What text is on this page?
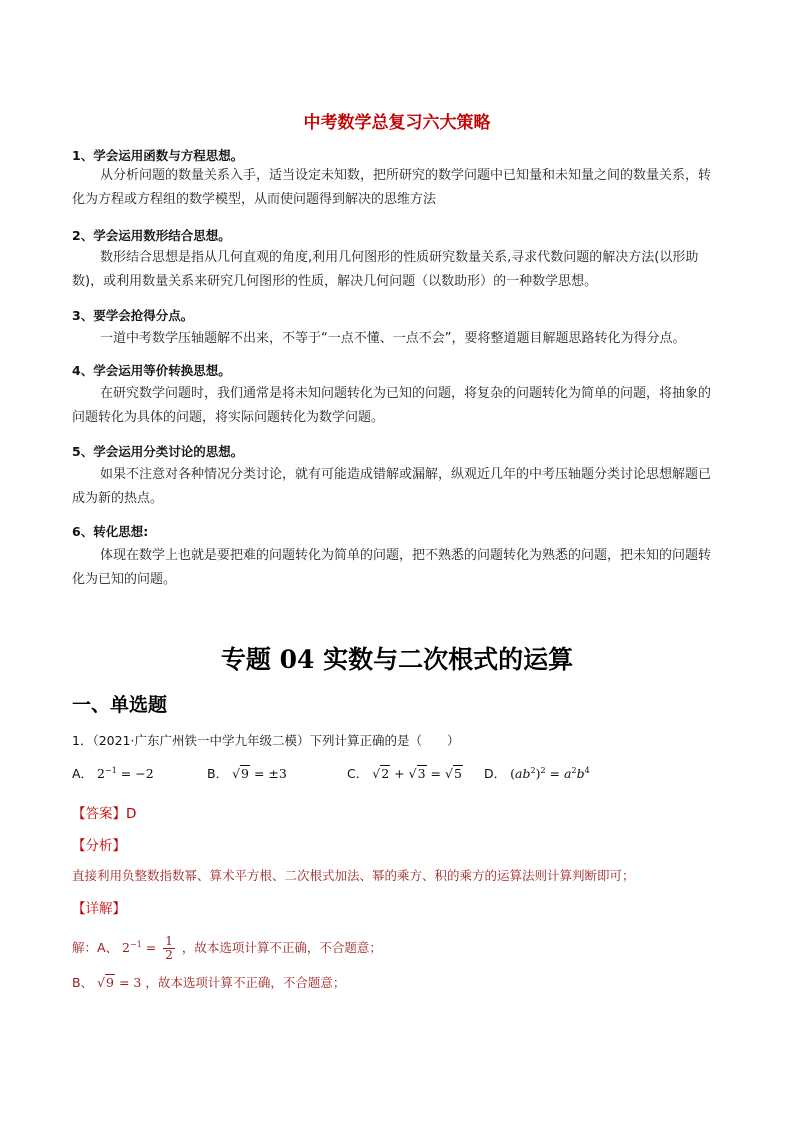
中考数学总复习六大策略
1、学会运用函数与方程思想。
从分析问题的数量关系入手，适当设定未知数，把所研究的数学问题中已知量和未知量之间的数量关系，转化为方程或方程组的数学模型，从而使问题得到解决的思维方法
2、学会运用数形结合思想。
数形结合思想是指从几何直观的角度,利用几何图形的性质研究数量关系,寻求代数问题的解决方法(以形助数)，或利用数量关系来研究几何图形的性质，解决几何问题（以数助形）的一种数学思想。
3、要学会抢得分点。
一道中考数学压轴题解不出来，不等于“一点不懂、一点不会”，要将整道题目解题思路转化为得分点。
4、学会运用等价转换思想。
在研究数学问题时，我们通常是将未知问题转化为已知的问题，将复杂的问题转化为简单的问题，将抽象的问题转化为具体的问题，将实际问题转化为数学问题。
5、学会运用分类讨论的思想。
如果不注意对各种情况分类讨论，就有可能造成错解或漏解，纵观近几年的中考压轴题分类讨论思想解题已成为新的热点。
6、转化思想:
体现在数学上也就是要把难的问题转化为简单的问题，把不熟悉的问题转化为熟悉的问题，把未知的问题转化为已知的问题。
专题 04 实数与二次根式的运算
一、单选题
1．（2021·广东广州铁一中学九年级二模）下列计算正确的是（　　）
A． $2^{-1} = -2$	B． √9 = ±3	C． √2 + √3 = √5 D． $(ab^2)^2 = a^2b^4$
【答案】D
【分析】
直接利用负整数指数幂、算术平方根、二次根式加法、幂的乘方、积的乘方的运算法则计算判断即可；
【详解】
解：A、 $2^{-1} = \frac{1}{2}$ ，故本选项计算不正确，不合题意；
B、 √9 = 3 ，故本选项计算不正确，不合题意；
